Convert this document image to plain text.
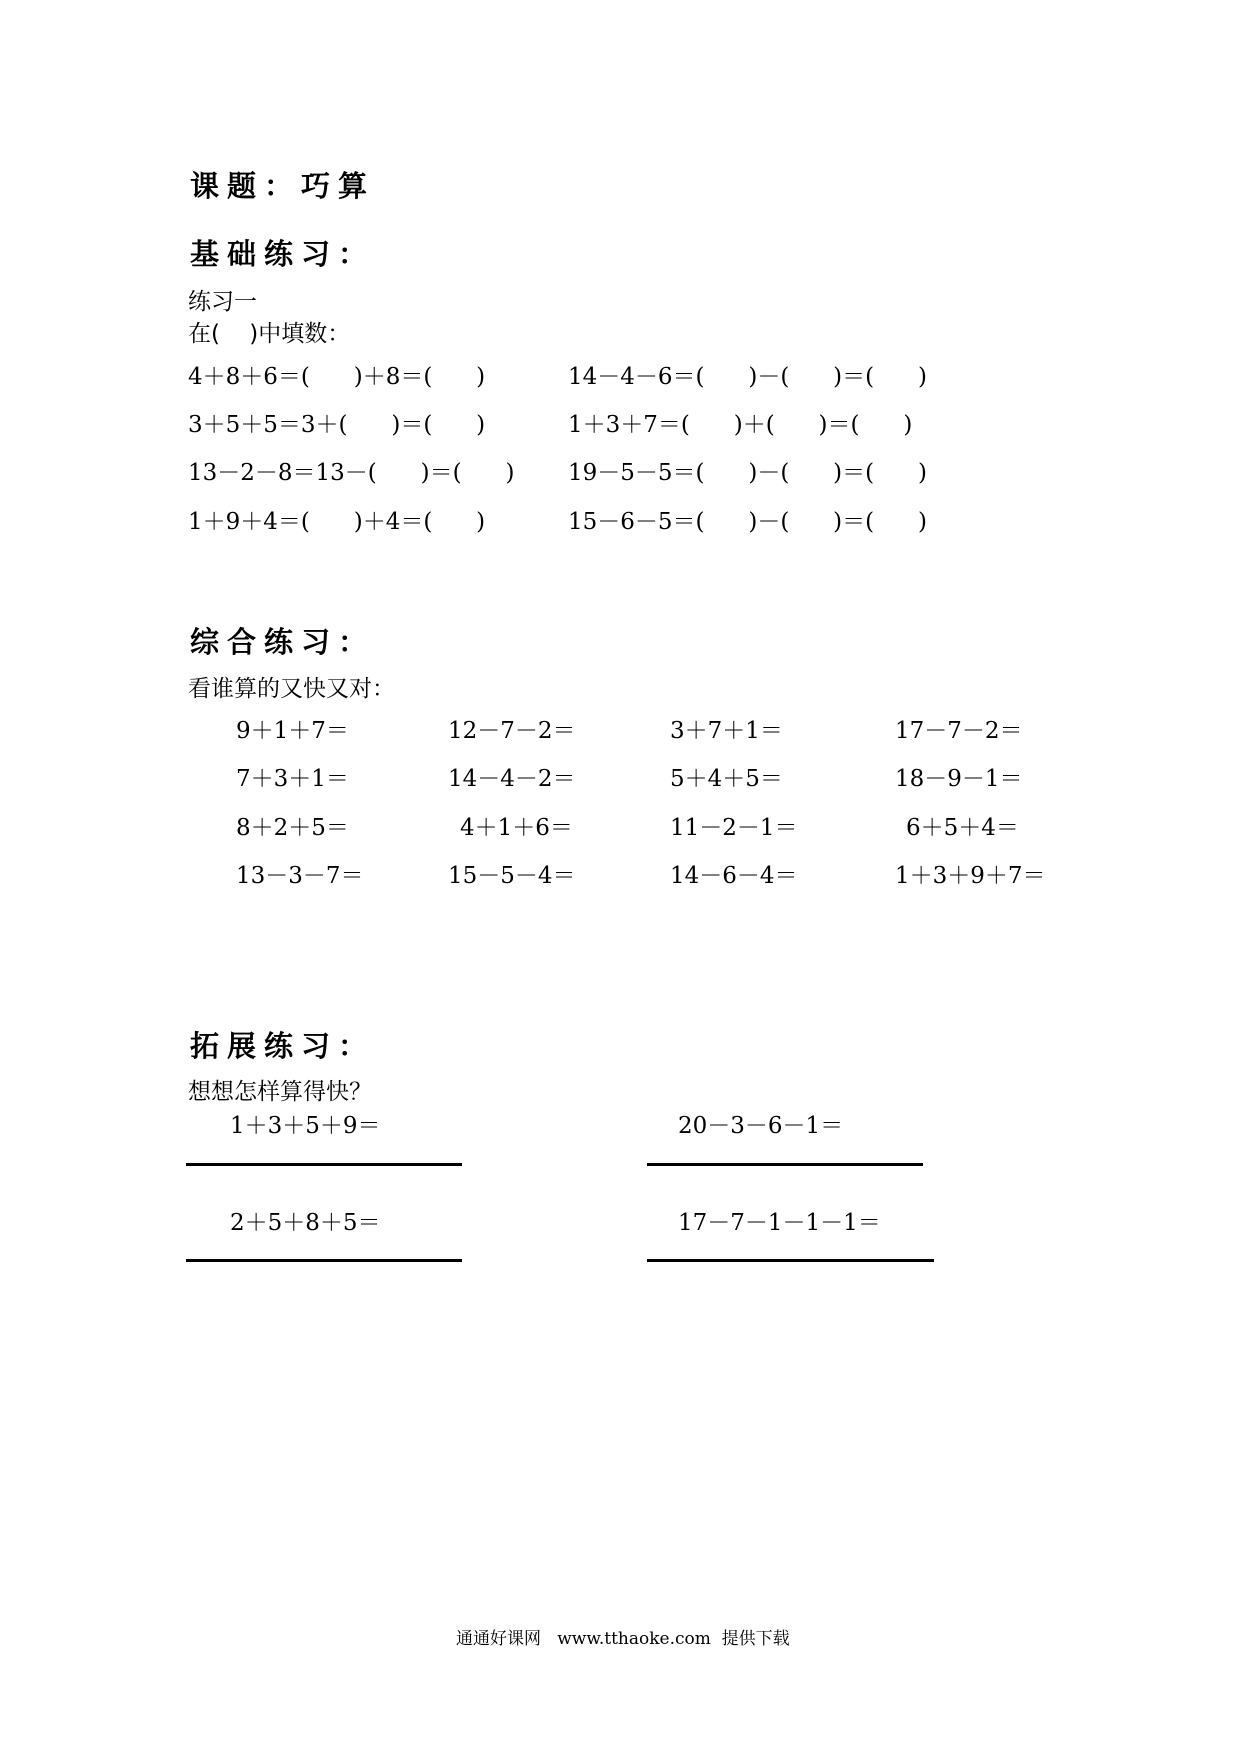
课题：巧算
基础练习：
练习一
在(    )中填数：
4＋8＋6＝(      )＋8＝(      )	14－4－6＝(      )－(      )＝(      )
3＋5＋5＝3＋(      )＝(      )	1＋3＋7＝(      )＋(      )＝(      )
13－2－8＝13－(      )＝(      ) 19－5－5＝(      )－(      )＝(      )
1＋9＋4＝(      )＋4＝(      )	15－6－5＝(      )－(      )＝(      )
综合练习：
看谁算的又快又对：
9＋1＋7＝	12－7－2＝	3＋7＋1＝	17－7－2＝
7＋3＋1＝	14－4－2＝	5＋4＋5＝	18－9－1＝
8＋2＋5＝	4＋1＋6＝	11－2－1＝	6＋5＋4＝
13－3－7＝	15－5－4＝	14－6－4＝	1＋3＋9＋7＝
拓展练习：
想想怎样算得快？
1＋3＋5＋9＝	20－3－6－1＝
2＋5＋8＋5＝	17－7－1－1－1＝
通通好课网   www.tthaoke.com  提供下载
